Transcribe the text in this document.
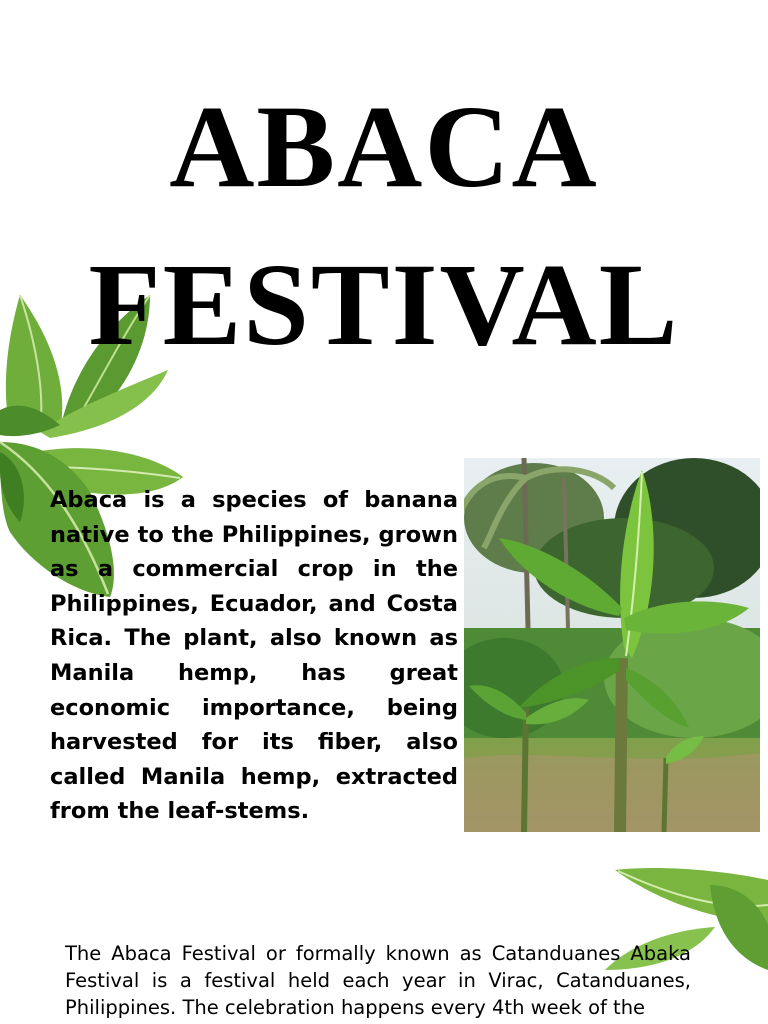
ABACA
FESTIVAL

Abaca is a species of banana native to the Philippines, grown as a commercial crop in the Philippines, Ecuador, and Costa Rica. The plant, also known as Manila hemp, has great economic importance, being harvested for its fiber, also called Manila hemp, extracted from the leaf-stems.

The Abaca Festival or formally known as Catanduanes Abaka Festival is a festival held each year in Virac, Catanduanes, Philippines. The celebration happens every 4th week of the
